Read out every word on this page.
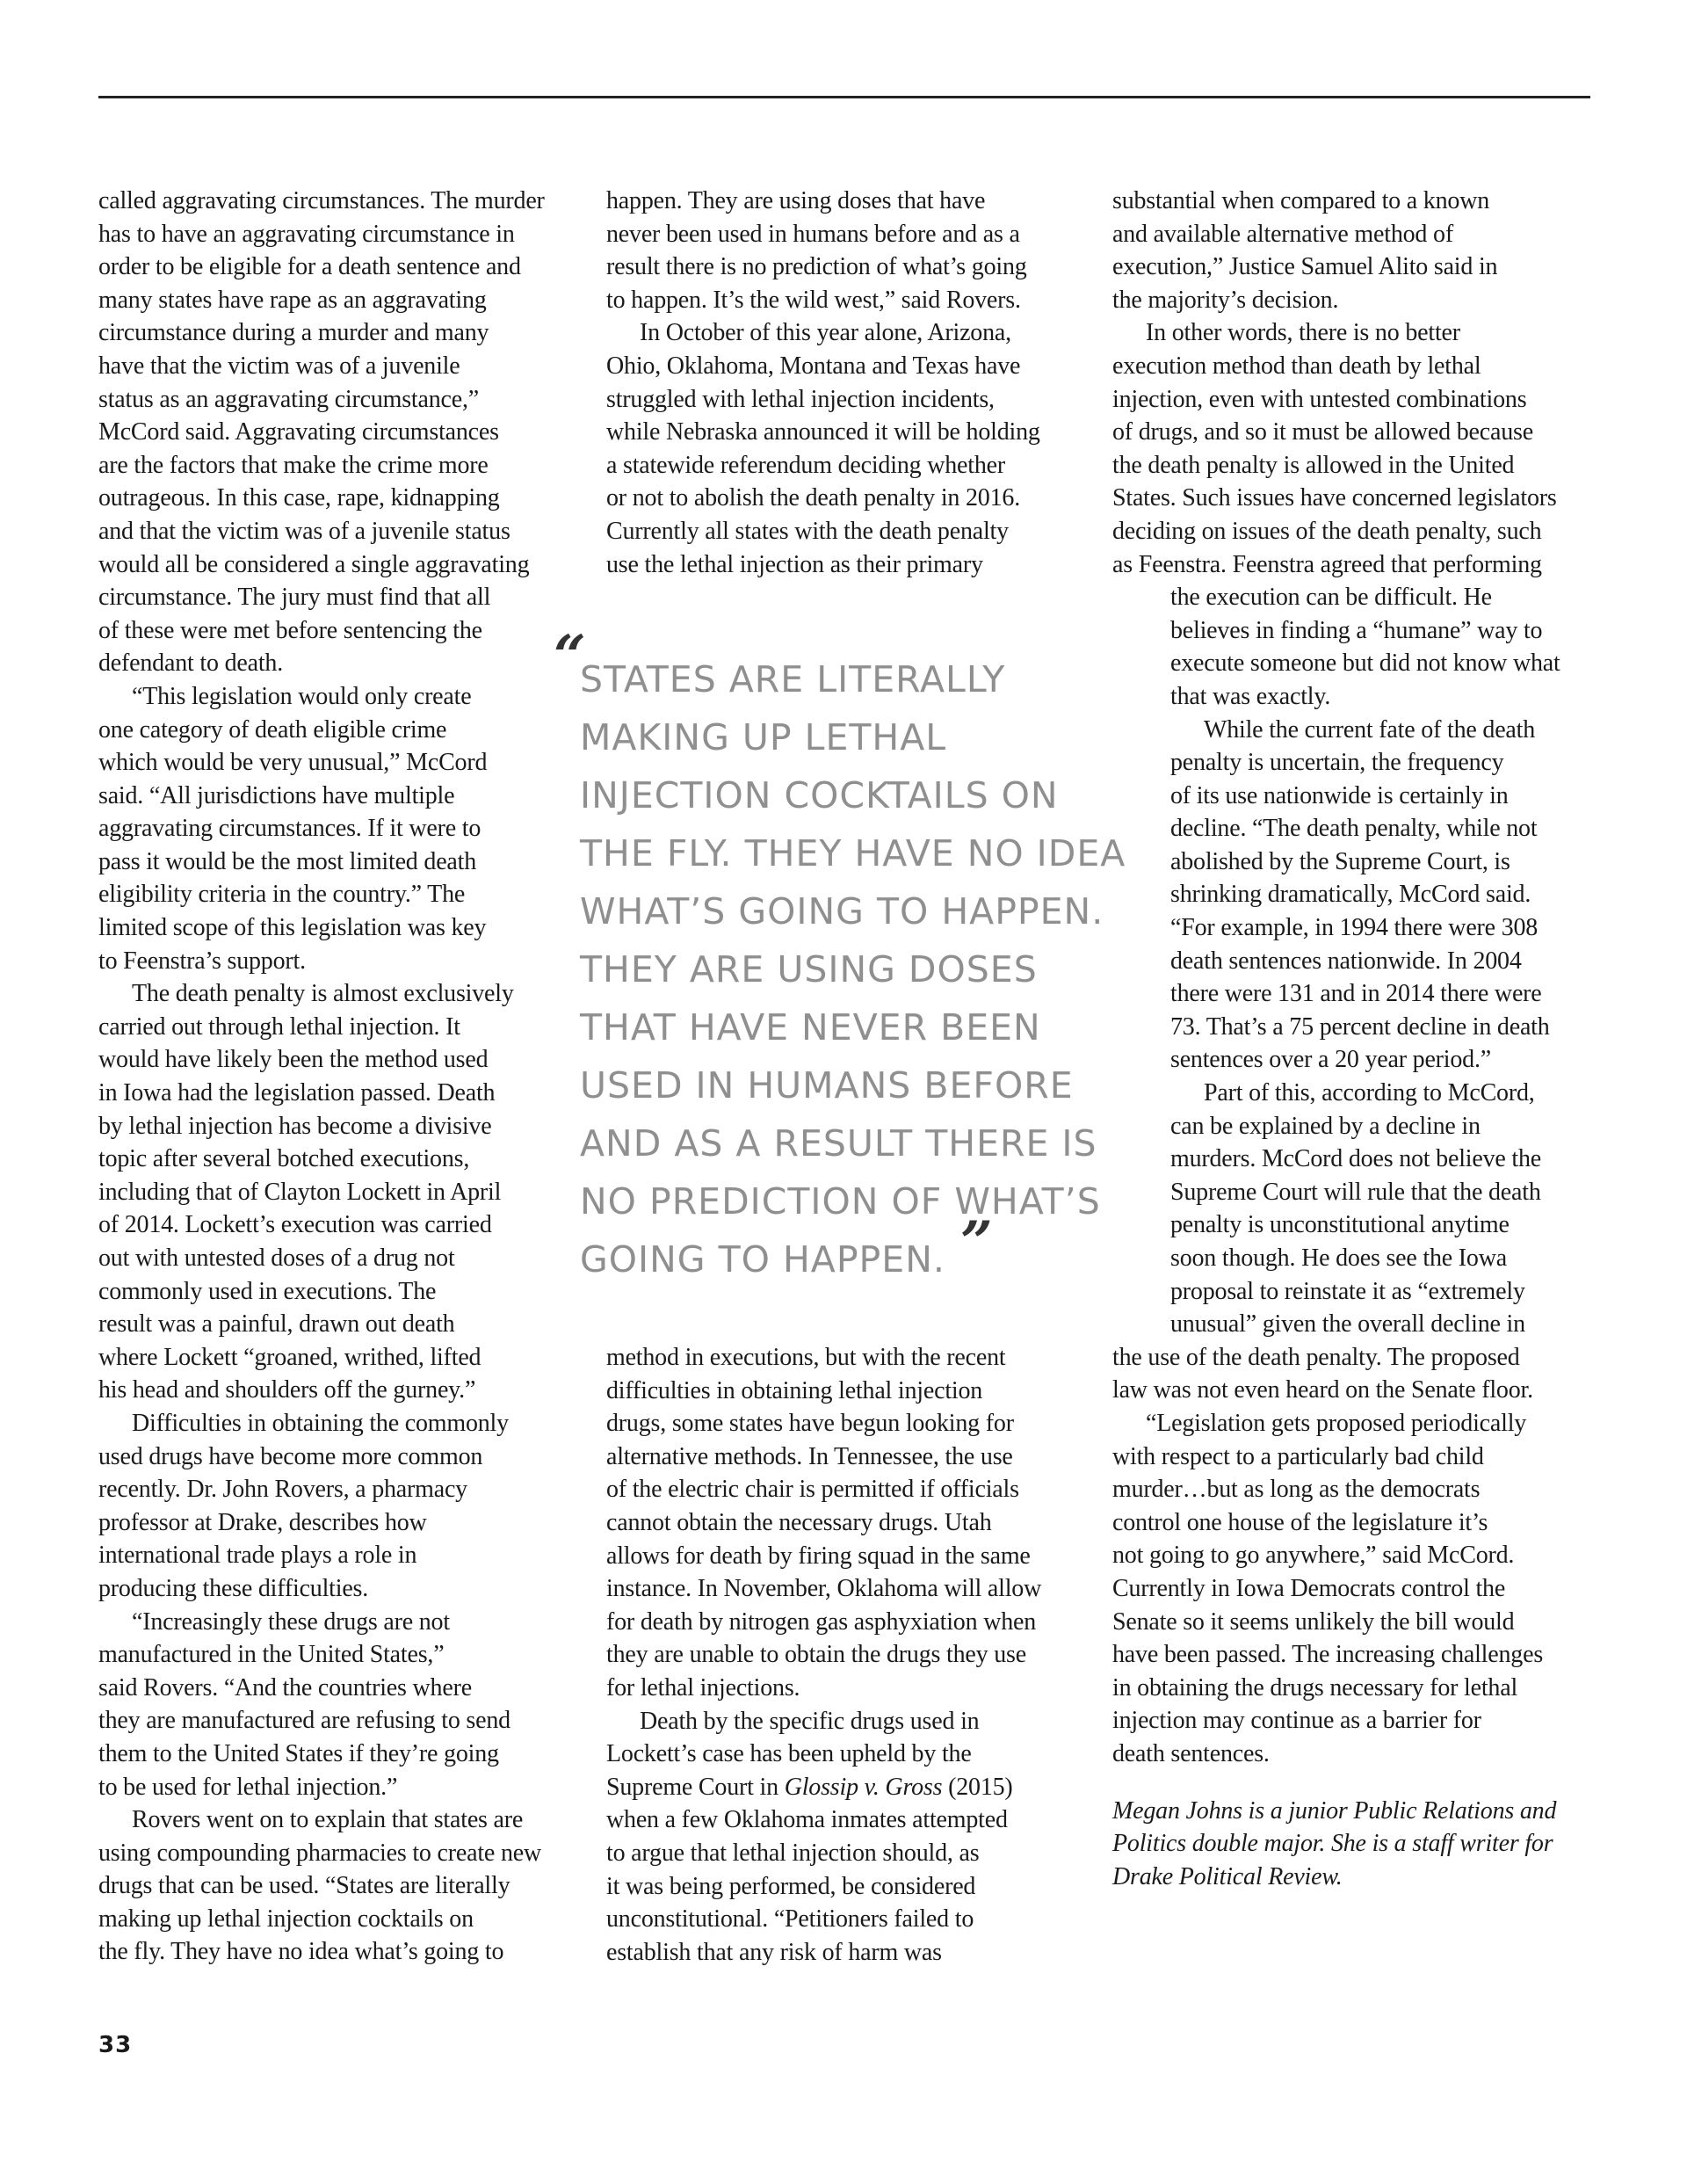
called aggravating circumstances. The murder
has to have an aggravating circumstance in
order to be eligible for a death sentence and
many states have rape as an aggravating
circumstance during a murder and many
have that the victim was of a juvenile
status as an aggravating circumstance,”
McCord said. Aggravating circumstances
are the factors that make the crime more
outrageous. In this case, rape, kidnapping
and that the victim was of a juvenile status
would all be considered a single aggravating
circumstance. The jury must find that all
of these were met before sentencing the
defendant to death.
“This legislation would only create
one category of death eligible crime
which would be very unusual,” McCord
said. “All jurisdictions have multiple
aggravating circumstances. If it were to
pass it would be the most limited death
eligibility criteria in the country.” The
limited scope of this legislation was key
to Feenstra’s support.
The death penalty is almost exclusively
carried out through lethal injection. It
would have likely been the method used
in Iowa had the legislation passed. Death
by lethal injection has become a divisive
topic after several botched executions,
including that of Clayton Lockett in April
of 2014. Lockett’s execution was carried
out with untested doses of a drug not
commonly used in executions. The
result was a painful, drawn out death
where Lockett “groaned, writhed, lifted
his head and shoulders off the gurney.”
Difficulties in obtaining the commonly
used drugs have become more common
recently. Dr. John Rovers, a pharmacy
professor at Drake, describes how
international trade plays a role in
producing these difficulties.
“Increasingly these drugs are not
manufactured in the United States,”
said Rovers. “And the countries where
they are manufactured are refusing to send
them to the United States if they’re going
to be used for lethal injection.”
Rovers went on to explain that states are
using compounding pharmacies to create new
drugs that can be used. “States are literally
making up lethal injection cocktails on
the fly. They have no idea what’s going to
happen. They are using doses that have
never been used in humans before and as a
result there is no prediction of what’s going
to happen. It’s the wild west,” said Rovers.
In October of this year alone, Arizona,
Ohio, Oklahoma, Montana and Texas have
struggled with lethal injection incidents,
while Nebraska announced it will be holding
a statewide referendum deciding whether
or not to abolish the death penalty in 2016.
Currently all states with the death penalty
use the lethal injection as their primary
“
STATES ARE LITERALLY
MAKING UP LETHAL
INJECTION COCKTAILS ON
THE FLY. THEY HAVE NO IDEA
WHAT’S GOING TO HAPPEN.
THEY ARE USING DOSES
THAT HAVE NEVER BEEN
USED IN HUMANS BEFORE
AND AS A RESULT THERE IS
NO PREDICTION OF WHAT’S
GOING TO HAPPEN. ”
method in executions, but with the recent
difficulties in obtaining lethal injection
drugs, some states have begun looking for
alternative methods. In Tennessee, the use
of the electric chair is permitted if officials
cannot obtain the necessary drugs. Utah
allows for death by firing squad in the same
instance. In November, Oklahoma will allow
for death by nitrogen gas asphyxiation when
they are unable to obtain the drugs they use
for lethal injections.
Death by the specific drugs used in
Lockett’s case has been upheld by the
Supreme Court in Glossip v. Gross (2015)
when a few Oklahoma inmates attempted
to argue that lethal injection should, as
it was being performed, be considered
unconstitutional. “Petitioners failed to
establish that any risk of harm was
substantial when compared to a known
and available alternative method of
execution,” Justice Samuel Alito said in
the majority’s decision.
In other words, there is no better
execution method than death by lethal
injection, even with untested combinations
of drugs, and so it must be allowed because
the death penalty is allowed in the United
States. Such issues have concerned legislators
deciding on issues of the death penalty, such
as Feenstra. Feenstra agreed that performing
the execution can be difficult. He
believes in finding a “humane” way to
execute someone but did not know what
that was exactly.
While the current fate of the death
penalty is uncertain, the frequency
of its use nationwide is certainly in
decline. “The death penalty, while not
abolished by the Supreme Court, is
shrinking dramatically, McCord said.
“For example, in 1994 there were 308
death sentences nationwide. In 2004
there were 131 and in 2014 there were
73. That’s a 75 percent decline in death
sentences over a 20 year period.”
Part of this, according to McCord,
can be explained by a decline in
murders. McCord does not believe the
Supreme Court will rule that the death
penalty is unconstitutional anytime
soon though. He does see the Iowa
proposal to reinstate it as “extremely
unusual” given the overall decline in
the use of the death penalty. The proposed
law was not even heard on the Senate floor.
“Legislation gets proposed periodically
with respect to a particularly bad child
murder…but as long as the democrats
control one house of the legislature it’s
not going to go anywhere,” said McCord.
Currently in Iowa Democrats control the
Senate so it seems unlikely the bill would
have been passed. The increasing challenges
in obtaining the drugs necessary for lethal
injection may continue as a barrier for
death sentences.
Megan Johns is a junior Public Relations and
Politics double major. She is a staff writer for
Drake Political Review.
33
